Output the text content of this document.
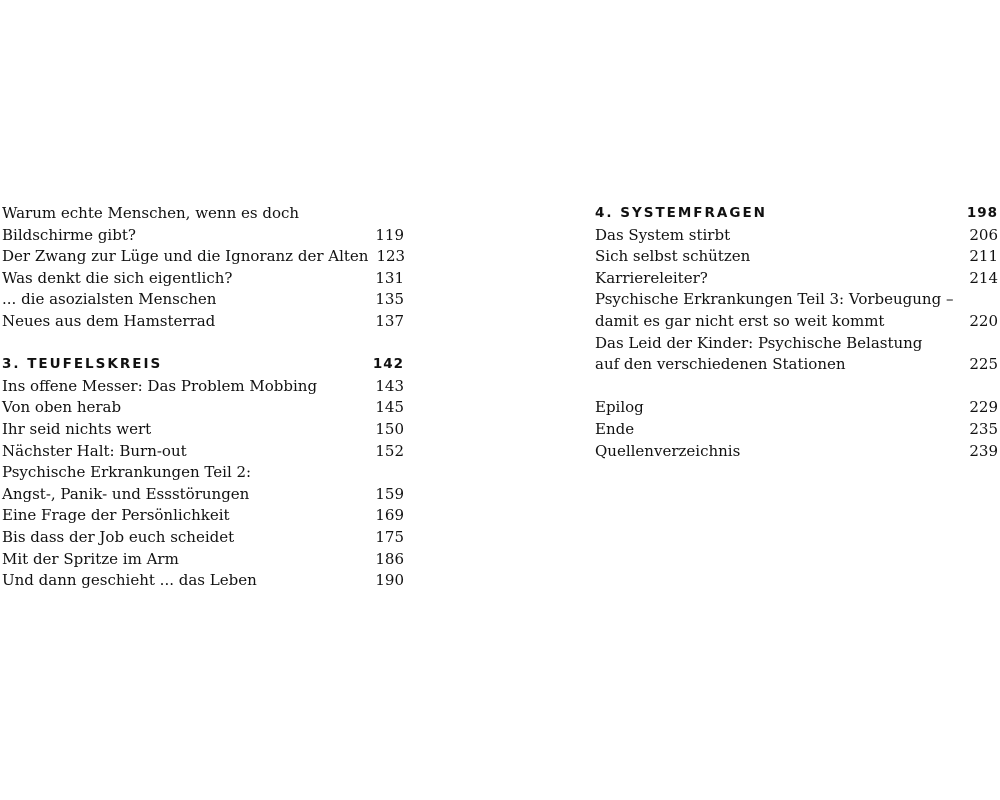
Warum echte Menschen, wenn es doch
Bildschirme gibt?	119
Der Zwang zur Lüge und die Ignoranz der Alten 123
Was denkt die sich eigentlich?	131
... die asozialsten Menschen	135
Neues aus dem Hamsterrad	137
3. TEUFELSKREIS	142
Ins offene Messer: Das Problem Mobbing	143
Von oben herab	145
Ihr seid nichts wert	150
Nächster Halt: Burn-out	152
Psychische Erkrankungen Teil 2:
Angst-, Panik- und Essstörungen	159
Eine Frage der Persönlichkeit	169
Bis dass der Job euch scheidet	175
Mit der Spritze im Arm	186
Und dann geschieht ... das Leben	190
4. SYSTEMFRAGEN	198
Das System stirbt	206
Sich selbst schützen	211
Karriereleiter?	214
Psychische Erkrankungen Teil 3: Vorbeugung –
damit es gar nicht erst so weit kommt	220
Das Leid der Kinder: Psychische Belastung
auf den verschiedenen Stationen	225
Epilog	229
Ende	235
Quellenverzeichnis	239
